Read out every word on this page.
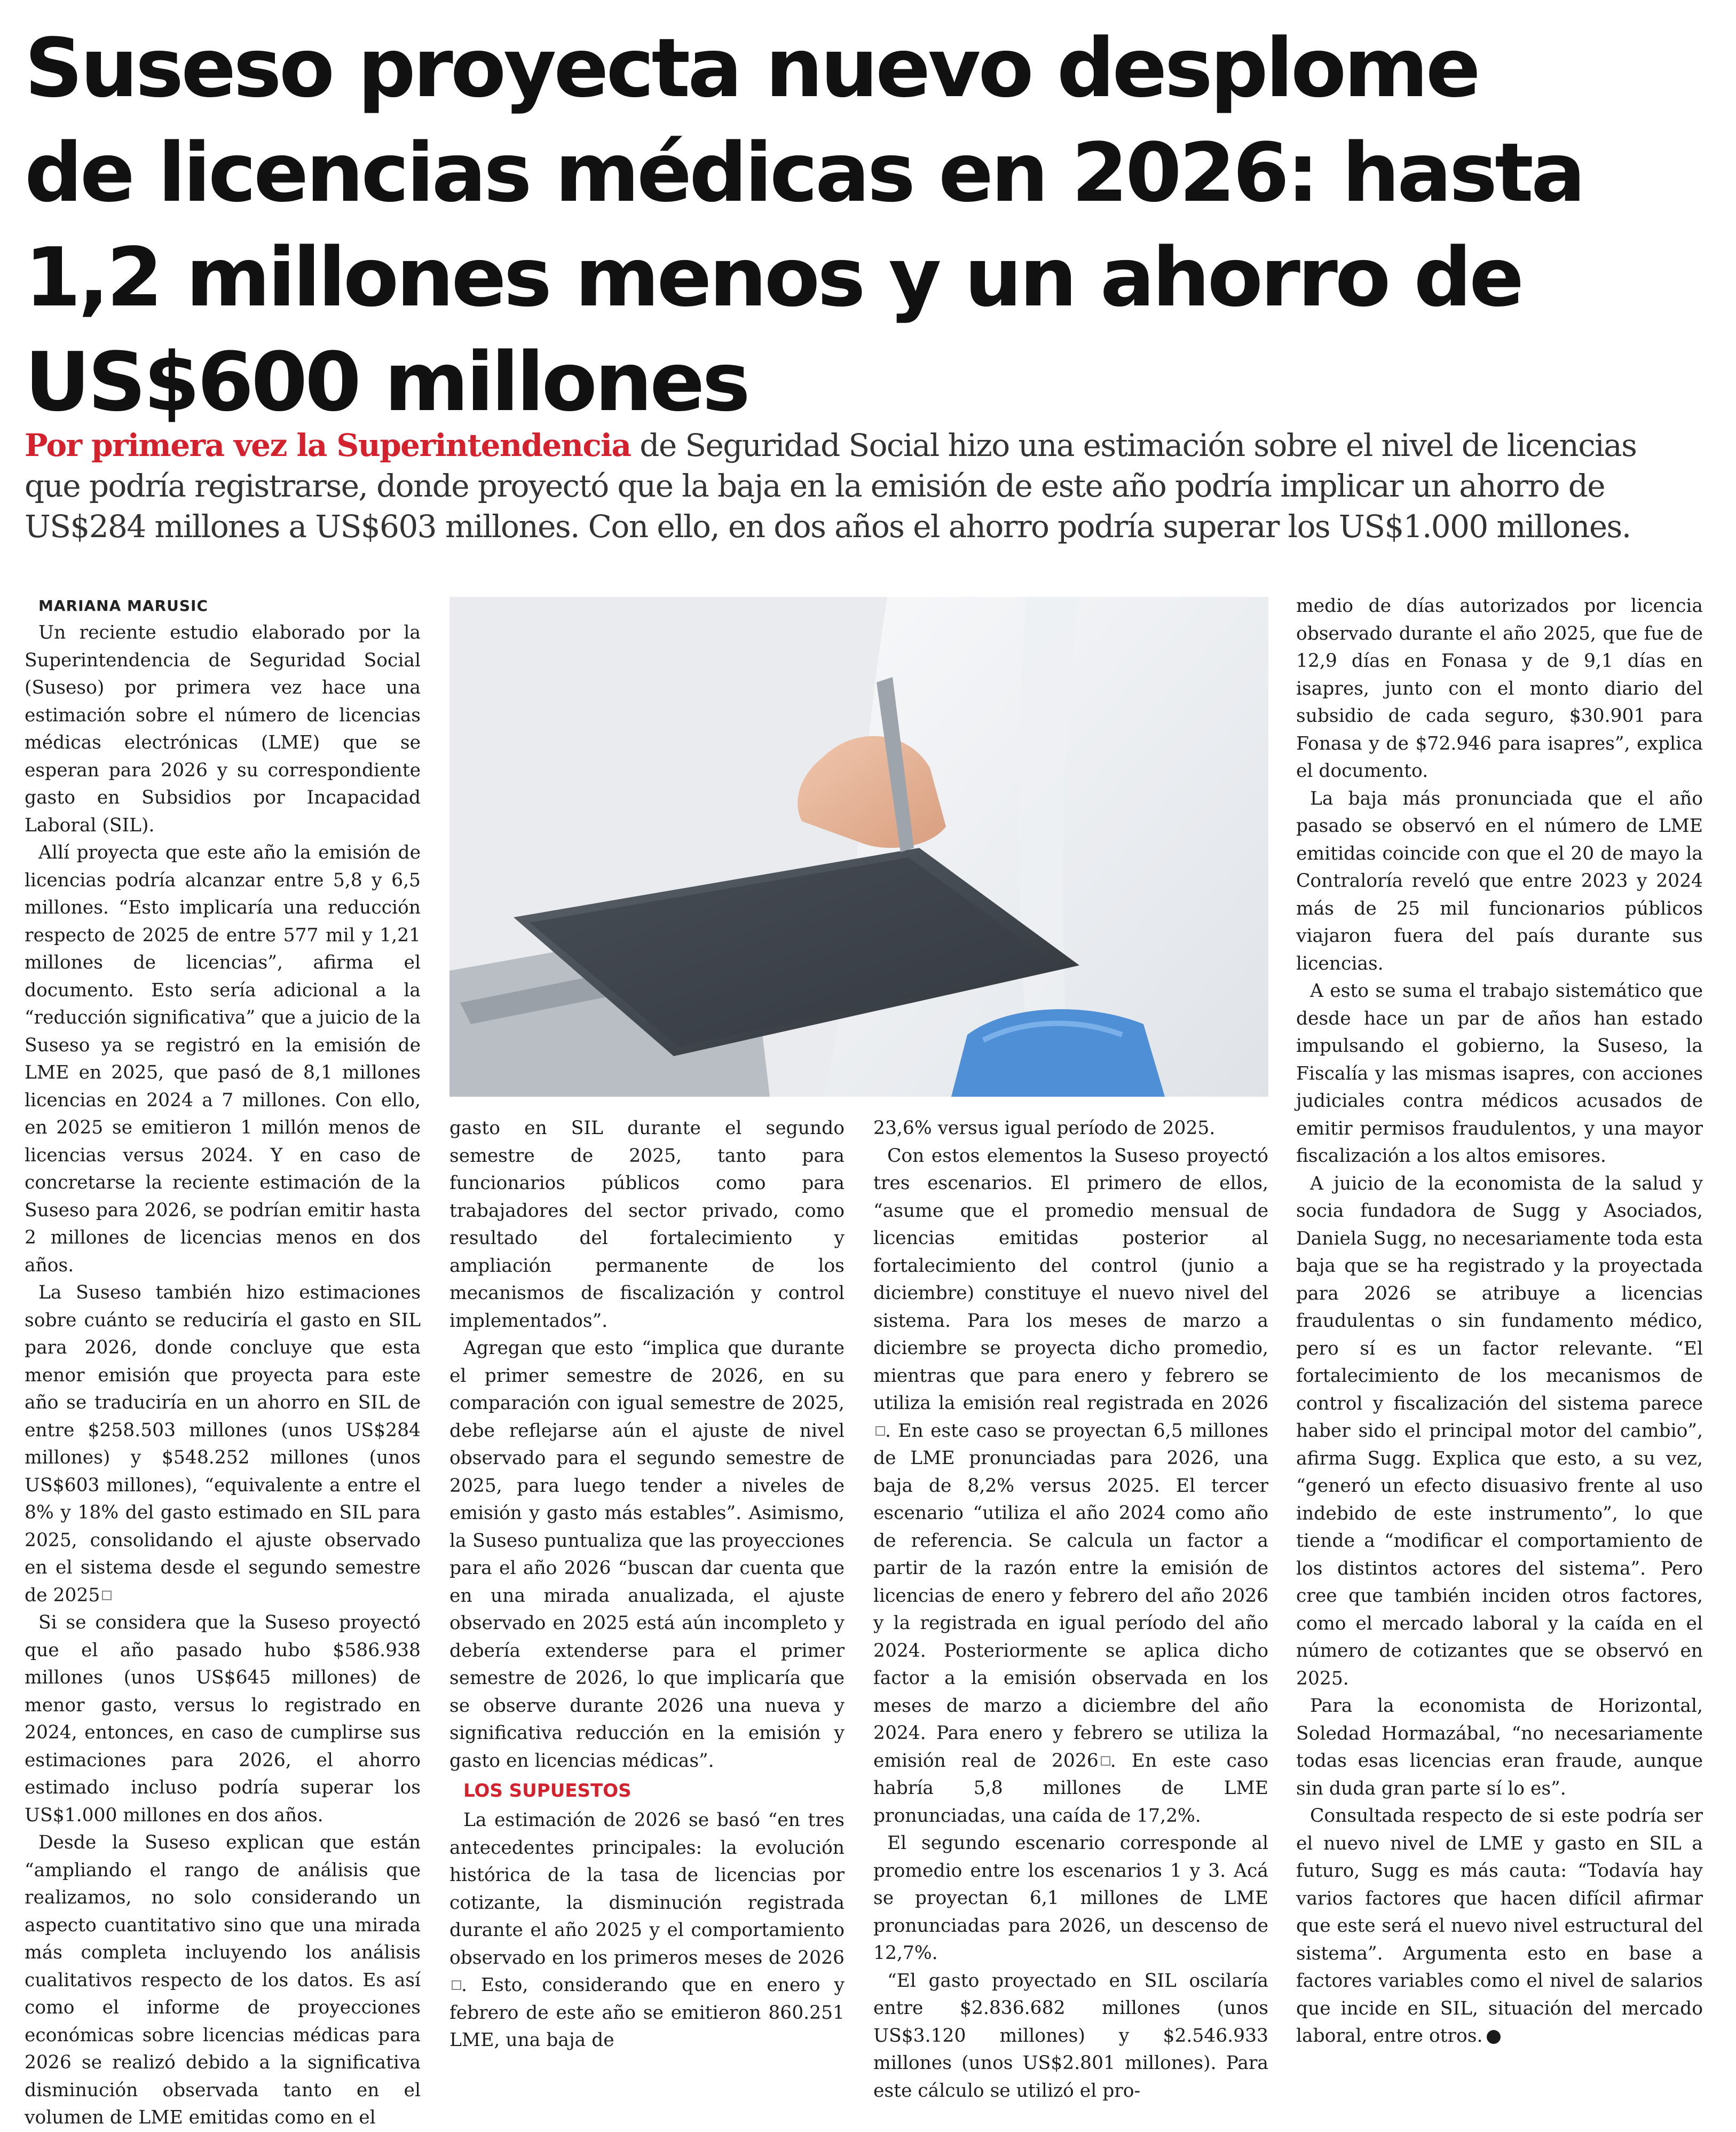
Suseso proyecta nuevo desplome
de licencias médicas en 2026: hasta
1,2 millones menos y un ahorro de
US$600 millones

Por primera vez la Superintendencia de Seguridad Social hizo una estimación sobre el nivel de licencias
que podría registrarse, donde proyectó que la baja en la emisión de este año podría implicar un ahorro de
US$284 millones a US$603 millones. Con ello, en dos años el ahorro podría superar los US$1.000 millones.

MARIANA MARUSIC

Un reciente estudio elaborado por la Superintendencia de Seguridad Social (Suseso) por primera vez hace una estimación sobre el número de licencias médicas electrónicas (LME) que se esperan para 2026 y su correspondiente gasto en Subsidios por Incapacidad Laboral (SIL).

Allí proyecta que este año la emisión de licencias podría alcanzar entre 5,8 y 6,5 millones. “Esto implicaría una reducción respecto de 2025 de entre 577 mil y 1,21 millones de licencias”, afirma el documento. Esto sería adicional a la “reducción significativa” que a juicio de la Suseso ya se registró en la emisión de LME en 2025, que pasó de 8,1 millones licencias en 2024 a 7 millones. Con ello, en 2025 se emitieron 1 millón menos de licencias versus 2024. Y en caso de concretarse la reciente estimación de la Suseso para 2026, se podrían emitir hasta 2 millones de licencias menos en dos años.

La Suseso también hizo estimaciones sobre cuánto se reduciría el gasto en SIL para 2026, donde concluye que esta menor emisión que proyecta para este año se traduciría en un ahorro en SIL de entre $258.503 millones (unos US$284 millones) y $548.252 millones (unos US$603 millones), “equivalente a entre el 8% y 18% del gasto estimado en SIL para 2025, consolidando el ajuste observado en el sistema desde el segundo semestre de 2025

Si se considera que la Suseso proyectó que el año pasado hubo $586.938 millones (unos US$645 millones) de menor gasto, versus lo registrado en 2024, entonces, en caso de cumplirse sus estimaciones para 2026, el ahorro estimado incluso podría superar los US$1.000 millones en dos años.

Desde la Suseso explican que están “ampliando el rango de análisis que realizamos, no solo considerando un aspecto cuantitativo sino que una mirada más completa incluyendo los análisis cualitativos respecto de los datos. Es así como el informe de proyecciones económicas sobre licencias médicas para 2026 se realizó debido a la significativa disminución observada tanto en el volumen de LME emitidas como en el

gasto en SIL durante el segundo semestre de 2025, tanto para funcionarios públicos como para trabajadores del sector privado, como resultado del fortalecimiento y ampliación permanente de los mecanismos de fiscalización y control implementados”.

Agregan que esto “implica que durante el primer semestre de 2026, en su comparación con igual semestre de 2025, debe reflejarse aún el ajuste de nivel observado para el segundo semestre de 2025, para luego tender a niveles de emisión y gasto más estables”. Asimismo, la Suseso puntualiza que las proyecciones para el año 2026 “buscan dar cuenta que en una mirada anualizada, el ajuste observado en 2025 está aún incompleto y debería extenderse para el primer semestre de 2026, lo que implicaría que se observe durante 2026 una nueva y significativa reducción en la emisión y gasto en licencias médicas”.

LOS SUPUESTOS

La estimación de 2026 se basó “en tres antecedentes principales: la evolución histórica de la tasa de licencias por cotizante, la disminución registrada durante el año 2025 y el comportamiento observado en los primeros meses de 2026. Esto, considerando que en enero y febrero de este año se emitieron 860.251 LME, una baja de

23,6% versus igual período de 2025.

Con estos elementos la Suseso proyectó tres escenarios. El primero de ellos, “asume que el promedio mensual de licencias emitidas posterior al fortalecimiento del control (junio a diciembre) constituye el nuevo nivel del sistema. Para los meses de marzo a diciembre se proyecta dicho promedio, mientras que para enero y febrero se utiliza la emisión real registrada en 2026. En este caso se proyectan 6,5 millones de LME pronunciadas para 2026, una baja de 8,2% versus 2025. El tercer escenario “utiliza el año 2024 como año de referencia. Se calcula un factor a partir de la razón entre la emisión de licencias de enero y febrero del año 2026 y la registrada en igual período del año 2024. Posteriormente se aplica dicho factor a la emisión observada en los meses de marzo a diciembre del año 2024. Para enero y febrero se utiliza la emisión real de 2026 . En este caso habría 5,8 millones de LME pronunciadas, una caída de 17,2%.

El segundo escenario corresponde al promedio entre los escenarios 1 y 3. Acá se proyectan 6,1 millones de LME pronunciadas para 2026, un descenso de 12,7%.

“El gasto proyectado en SIL oscilaría entre $2.836.682 millones (unos US$3.120 millones) y $2.546.933 millones (unos US$2.801 millones). Para este cálculo se utilizó el pro-

medio de días autorizados por licencia observado durante el año 2025, que fue de 12,9 días en Fonasa y de 9,1 días en isapres, junto con el monto diario del subsidio de cada seguro, $30.901 para Fonasa y de $72.946 para isapres”, explica el documento.

La baja más pronunciada que el año pasado se observó en el número de LME emitidas coincide con que el 20 de mayo la Contraloría reveló que entre 2023 y 2024 más de 25 mil funcionarios públicos viajaron fuera del país durante sus licencias.

A esto se suma el trabajo sistemático que desde hace un par de años han estado impulsando el gobierno, la Suseso, la Fiscalía y las mismas isapres, con acciones judiciales contra médicos acusados de emitir permisos fraudulentos, y una mayor fiscalización a los altos emisores.

A juicio de la economista de la salud y socia fundadora de Sugg y Asociados, Daniela Sugg, no necesariamente toda esta baja que se ha registrado y la proyectada para 2026 se atribuye a licencias fraudulentas o sin fundamento médico, pero sí es un factor relevante. “El fortalecimiento de los mecanismos de control y fiscalización del sistema parece haber sido el principal motor del cambio”, afirma Sugg. Explica que esto, a su vez, “generó un efecto disuasivo frente al uso indebido de este instrumento”, lo que tiende a “modificar el comportamiento de los distintos actores del sistema”. Pero cree que también inciden otros factores, como el mercado laboral y la caída en el número de cotizantes que se observó en 2025.

Para la economista de Horizontal, Soledad Hormazábal, “no necesariamente todas esas licencias eran fraude, aunque sin duda gran parte sí lo es”.

Consultada respecto de si este podría ser el nuevo nivel de LME y gasto en SIL a futuro, Sugg es más cauta: “Todavía hay varios factores que hacen difícil afirmar que este será el nuevo nivel estructural del sistema”. Argumenta esto en base a factores variables como el nivel de salarios que incide en SIL, situación del mercado laboral, entre otros.
